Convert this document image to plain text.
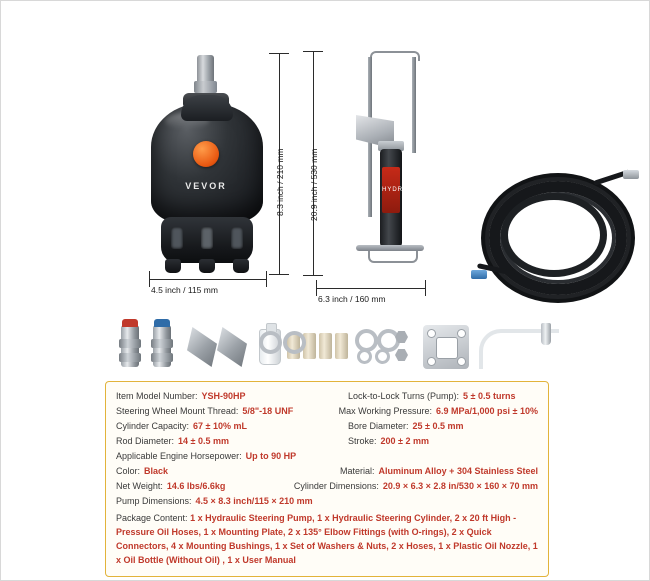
VEVOR	8.3 inch / 210 mm
4.5 inch / 115 mm
HYDRAULIC
20.9 inch / 530 mm
6.3 inch / 160 mm
Item Model Number: YSH-90HP	Lock-to-Lock Turns (Pump): 5 ± 0.5 turns
Steering Wheel Mount Thread: 5/8"-18 UNF	Max Working Pressure: 6.9 MPa/1,000 psi ± 10%
Cylinder Capacity: 67 ± 10% mL	Bore Diameter: 25 ± 0.5 mm
Rod Diameter: 14 ± 0.5 mm	Stroke: 200 ± 2 mm
Applicable Engine Horsepower: Up to 90 HP
Color: Black	Material: Aluminum Alloy + 304 Stainless Steel
Net Weight: 14.6 lbs/6.6kg	Cylinder Dimensions: 20.9 × 6.3 × 2.8 in/530 × 160 × 70 mm
Pump Dimensions: 4.5 × 8.3 inch/115 × 210 mm
Package Content: 1 x Hydraulic Steering Pump, 1 x Hydraulic Steering Cylinder, 2 x 20 ft High -Pressure Oil Hoses, 1 x Mounting Plate, 2 x 135° Elbow Fittings (with O-rings), 2 x Quick Connectors, 4 x Mounting Bushings, 1 x Set of Washers & Nuts, 2 x Hoses, 1 x Plastic Oil Nozzle, 1 x Oil Bottle (Without Oil) , 1 x User Manual
